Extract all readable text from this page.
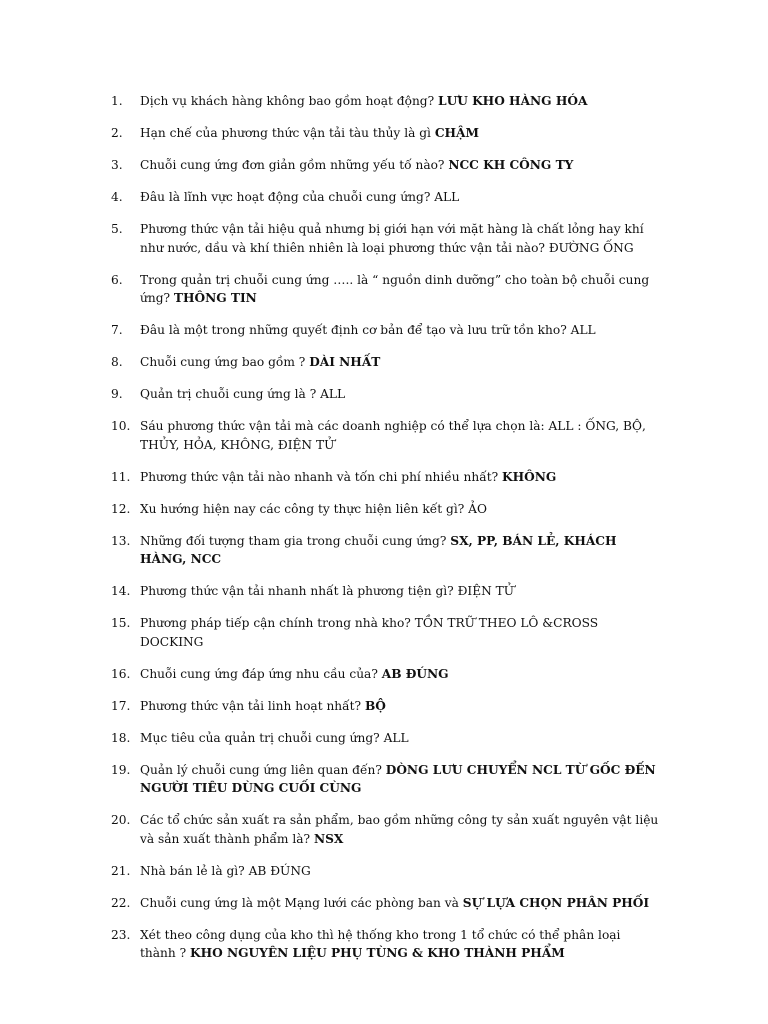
1.	Dịch vụ khách hàng không bao gồm hoạt động? LƯU KHO HÀNG HÓA
2.	Hạn chế của phương thức vận tải tàu thủy là gì CHẬM
3.	Chuỗi cung ứng đơn giản gồm những yếu tố nào? NCC KH CÔNG TY
4.	Đâu là lĩnh vực hoạt động của chuỗi cung ứng? ALL
5.	Phương thức vận tải hiệu quả nhưng bị giới hạn với mặt hàng là chất lỏng hay khí như nước, dầu và khí thiên nhiên là loại phương thức vận tải nào? ĐƯỜNG ỐNG
6.	Trong quản trị chuỗi cung ứng ….. là “ nguồn dinh dưỡng” cho toàn bộ chuỗi cung ứng? THÔNG TIN
7.	Đâu là một trong những quyết định cơ bản để tạo và lưu trữ tồn kho? ALL
8.	Chuỗi cung ứng bao gồm ? DÀI NHẤT
9.	Quản trị chuỗi cung ứng là ? ALL
10. Sáu phương thức vận tải mà các doanh nghiệp có thể lựa chọn là: ALL : ỐNG, BỘ, THỦY, HỎA, KHÔNG, ĐIỆN TỬ
11. Phương thức vận tải nào nhanh và tốn chi phí nhiều nhất? KHÔNG
12. Xu hướng hiện nay các công ty thực hiện liên kết gì? ẢO
13. Những đối tượng tham gia trong chuỗi cung ứng? SX, PP, BÁN LẺ, KHÁCH HÀNG, NCC
14. Phương thức vận tải nhanh nhất là phương tiện gì? ĐIỆN TỬ
15. Phương pháp tiếp cận chính trong nhà kho? TỒN TRỮ THEO LÔ &CROSS DOCKING
16. Chuỗi cung ứng đáp ứng nhu cầu của? AB ĐÚNG
17. Phương thức vận tải linh hoạt nhất? BỘ
18. Mục tiêu của quản trị chuỗi cung ứng? ALL
19. Quản lý chuỗi cung ứng liên quan đến? DÒNG LƯU CHUYỂN NCL TỪ GỐC ĐẾN NGƯỜI TIÊU DÙNG CUỐI CÙNG
20. Các tổ chức sản xuất ra sản phẩm, bao gồm những công ty sản xuất nguyên vật liệu và sản xuất thành phẩm là? NSX
21. Nhà bán lẻ là gì? AB ĐÚNG
22. Chuỗi cung ứng là một Mạng lưới các phòng ban và SỰ LỰA CHỌN PHÂN PHỐI
23. Xét theo công dụng của kho thì hệ thống kho trong 1 tổ chức có thể phân loại thành ? KHO NGUYÊN LIỆU PHỤ TÙNG & KHO THÀNH PHẨM
